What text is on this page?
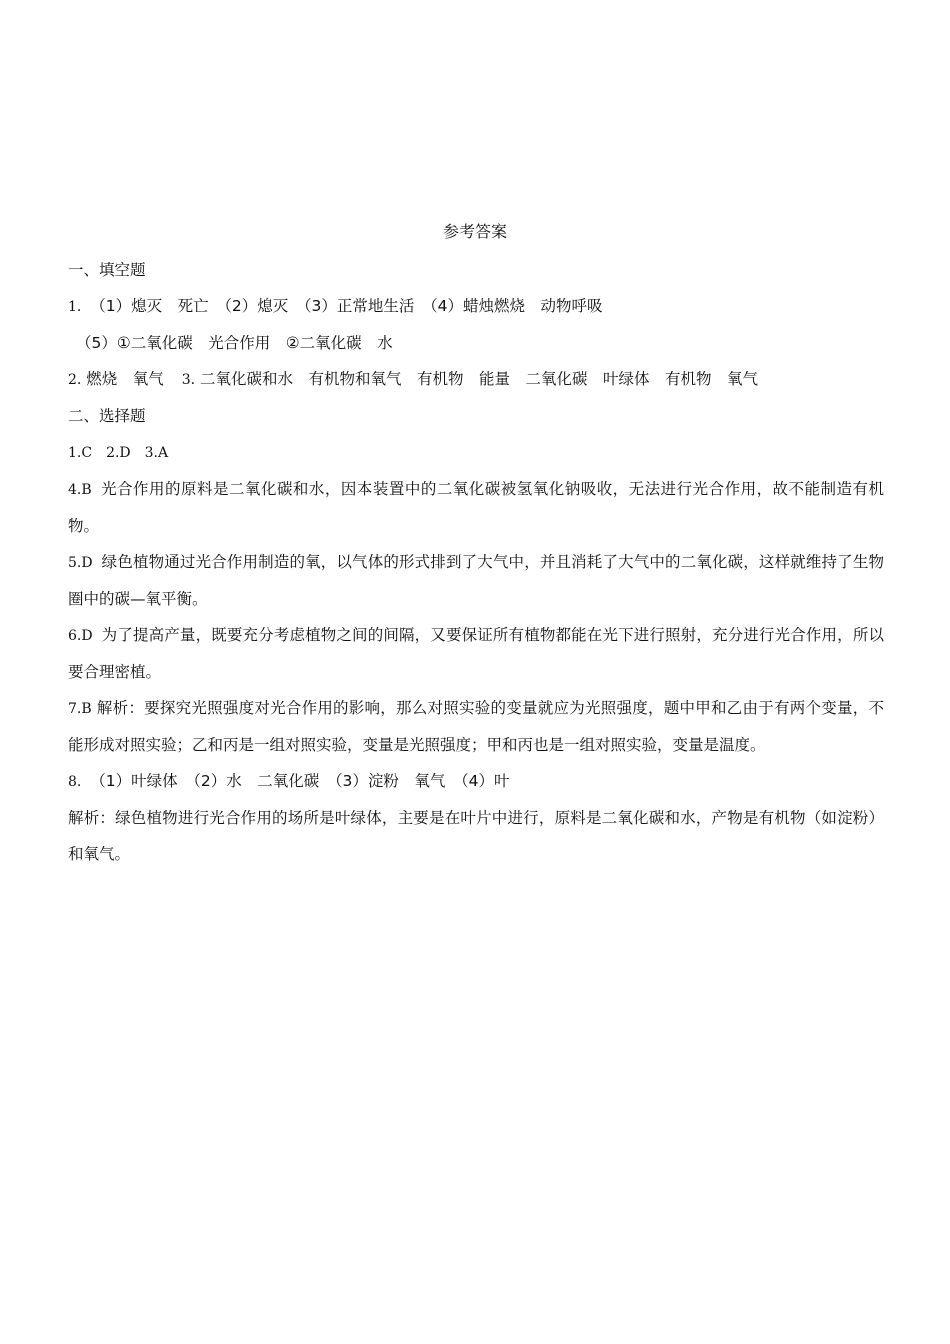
参考答案
一、填空题
1. （1）熄灭　死亡　（2）熄灭　（3）正常地生活　（4）蜡烛燃烧　动物呼吸
（5）①二氧化碳　光合作用　②二氧化碳　水
2. 燃烧　氧气 3. 二氧化碳和水　有机物和氧气　有机物　能量　二氧化碳　叶绿体　有机物　氧气
二、选择题
1.C　2.D　3.A
4.B 光合作用的原料是二氧化碳和水，因本装置中的二氧化碳被氢氧化钠吸收，无法进行光合作用，故不能制造有机物。
5.D 绿色植物通过光合作用制造的氧，以气体的形式排到了大气中，并且消耗了大气中的二氧化碳，这样就维持了生物圈中的碳—氧平衡。
6.D 为了提高产量，既要充分考虑植物之间的间隔，又要保证所有植物都能在光下进行照射，充分进行光合作用，所以要合理密植。
7.B 解析：要探究光照强度对光合作用的影响，那么对照实验的变量就应为光照强度，题中甲和乙由于有两个变量，不能形成对照实验；乙和丙是一组对照实验，变量是光照强度；甲和丙也是一组对照实验，变量是温度。
8. （1）叶绿体　（2）水　二氧化碳　（3）淀粉　氧气　（4）叶
解析：绿色植物进行光合作用的场所是叶绿体，主要是在叶片中进行，原料是二氧化碳和水，产物是有机物（如淀粉）和氧气。
